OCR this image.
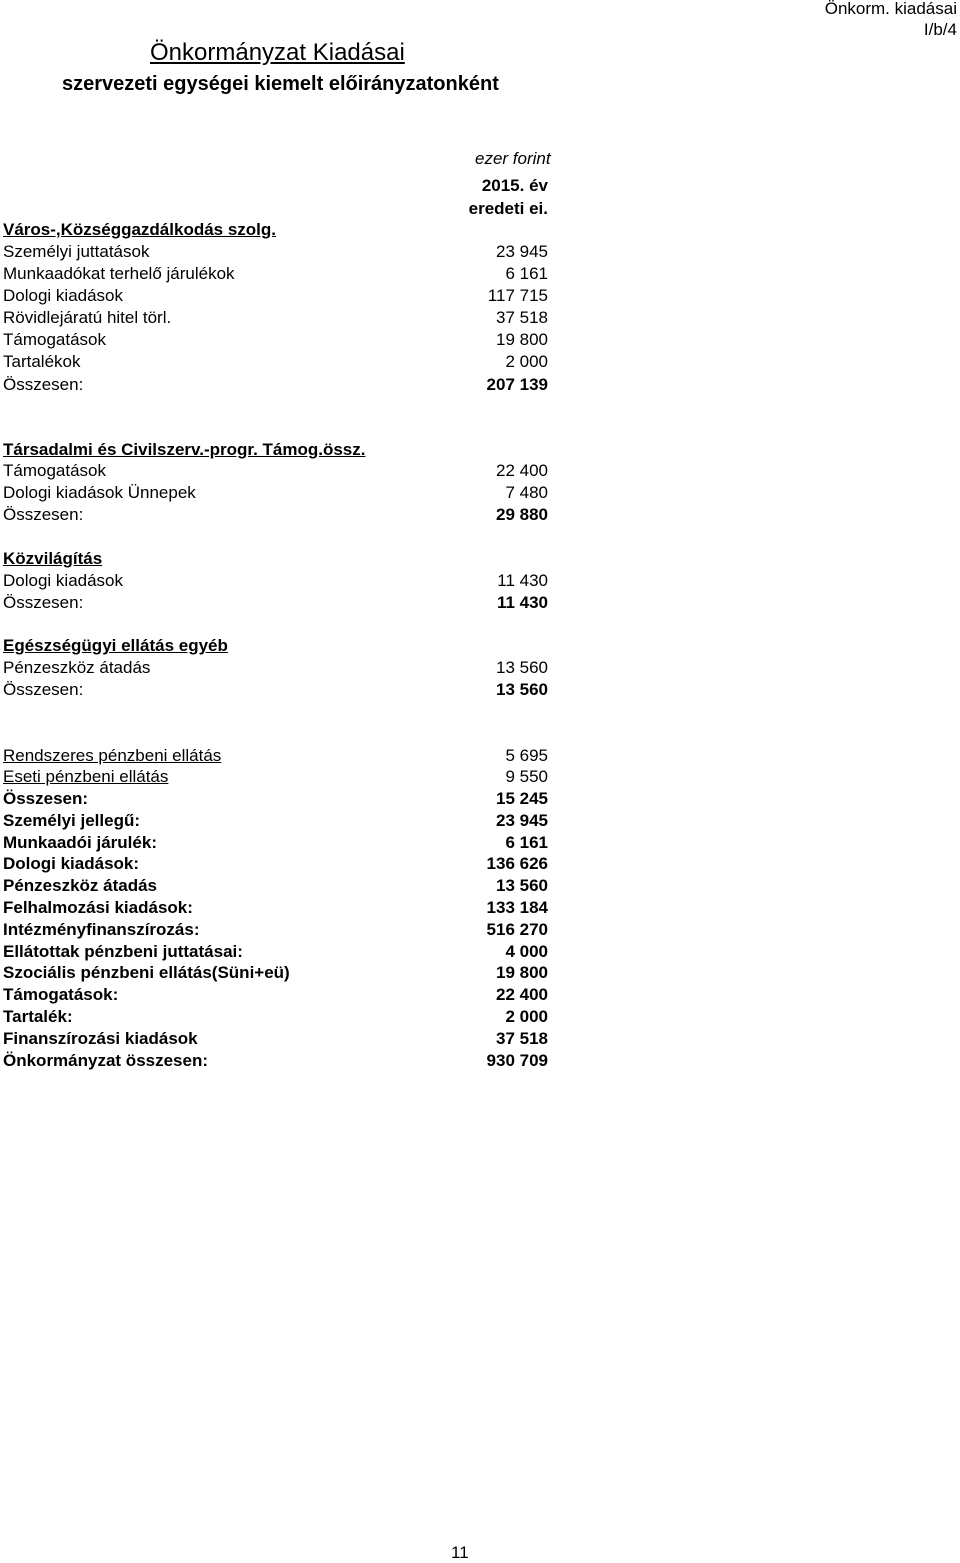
Önkorm. kiadásai
I/b/4
Önkormányzat Kiadásai
szervezeti egységei kiemelt előirányzatonként
ezer forint
2015. év
eredeti ei.
Város-,Községgazdálkodás szolg.
Személyi juttatások	23 945
Munkaadókat terhelő járulékok	6 161
Dologi kiadások	117 715
Rövidlejáratú hitel törl.	37 518
Támogatások	19 800
Tartalékok	2 000
Összesen:	207 139
Társadalmi és Civilszerv.-progr. Támog.össz.
Támogatások	22 400
Dologi kiadások Ünnepek	7 480
Összesen:	29 880
Közvilágítás
Dologi kiadások	11 430
Összesen:	11 430
Egészségügyi ellátás egyéb
Pénzeszköz átadás	13 560
Összesen:	13 560
Rendszeres pénzbeni ellátás	5 695
Eseti pénzbeni ellátás	9 550
Összesen:	15 245
Személyi jellegű:	23 945
Munkaadói járulék:	6 161
Dologi kiadások:	136 626
Pénzeszköz átadás	13 560
Felhalmozási kiadások:	133 184
Intézményfinanszírozás:	516 270
Ellátottak pénzbeni juttatásai:	4 000
Szociális pénzbeni ellátás(Süni+eü)	19 800
Támogatások:	22 400
Tartalék:	2 000
Finanszírozási kiadások	37 518
Önkormányzat összesen:	930 709
11
